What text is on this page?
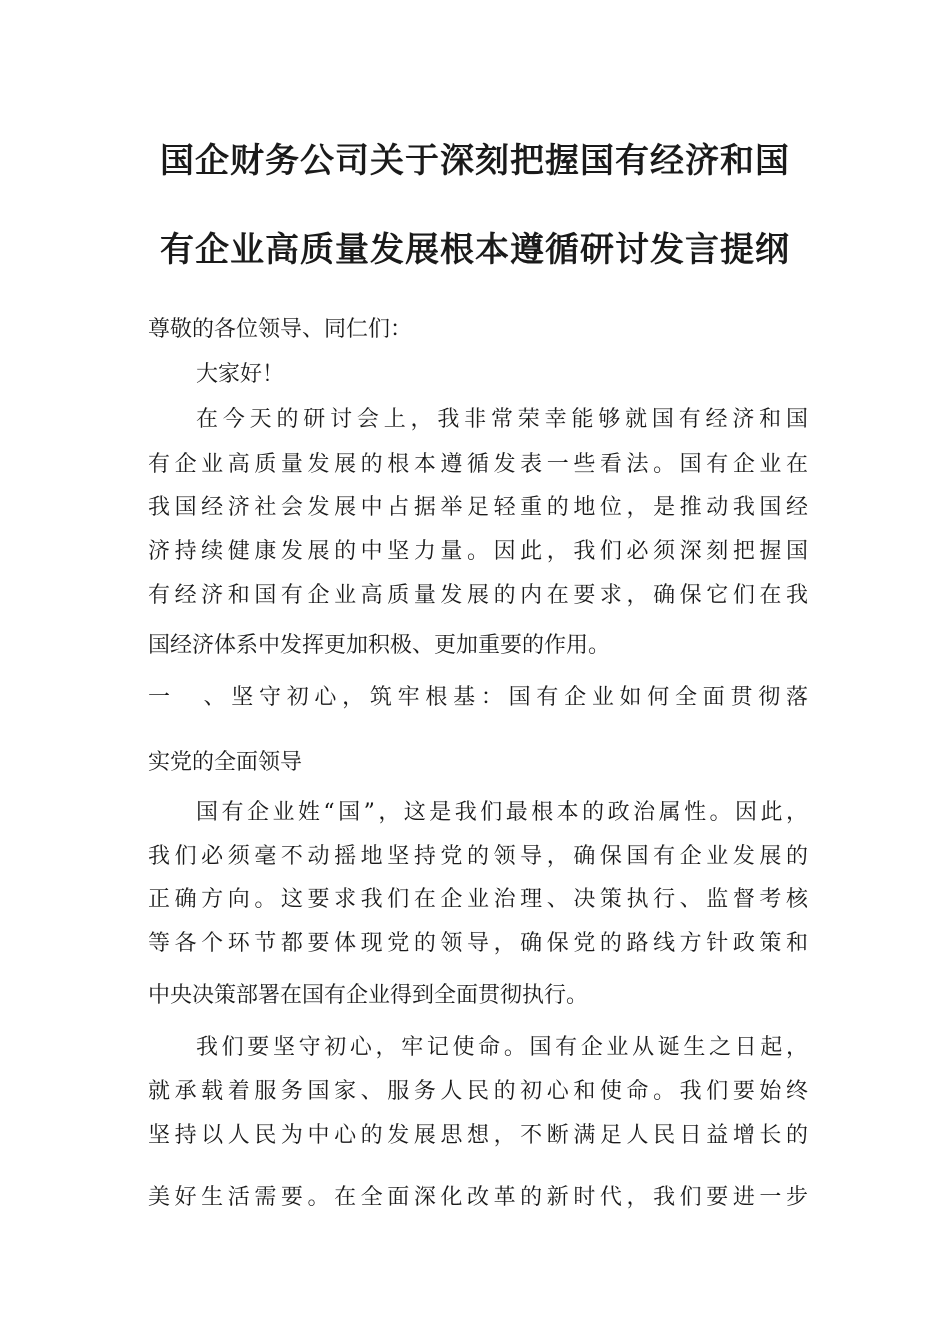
国企财务公司关于深刻把握国有经济和国
有企业高质量发展根本遵循研讨发言提纲
尊敬的各位领导、同仁们：
大家好！
在今天的研讨会上，我非常荣幸能够就国有经济和国
有企业高质量发展的根本遵循发表一些看法。国有企业在
我国经济社会发展中占据举足轻重的地位，是推动我国经
济持续健康发展的中坚力量。因此，我们必须深刻把握国
有经济和国有企业高质量发展的内在要求，确保它们在我
国经济体系中发挥更加积极、更加重要的作用。
一　、坚守初心，筑牢根基：国有企业如何全面贯彻落
实党的全面领导
国有企业姓“国”，这是我们最根本的政治属性。因此，
我们必须毫不动摇地坚持党的领导，确保国有企业发展的
正确方向。这要求我们在企业治理、决策执行、监督考核
等各个环节都要体现党的领导，确保党的路线方针政策和
中央决策部署在国有企业得到全面贯彻执行。
我们要坚守初心，牢记使命。国有企业从诞生之日起，
就承载着服务国家、服务人民的初心和使命。我们要始终
坚持以人民为中心的发展思想，不断满足人民日益增长的
美好生活需要。在全面深化改革的新时代，我们要进一步
